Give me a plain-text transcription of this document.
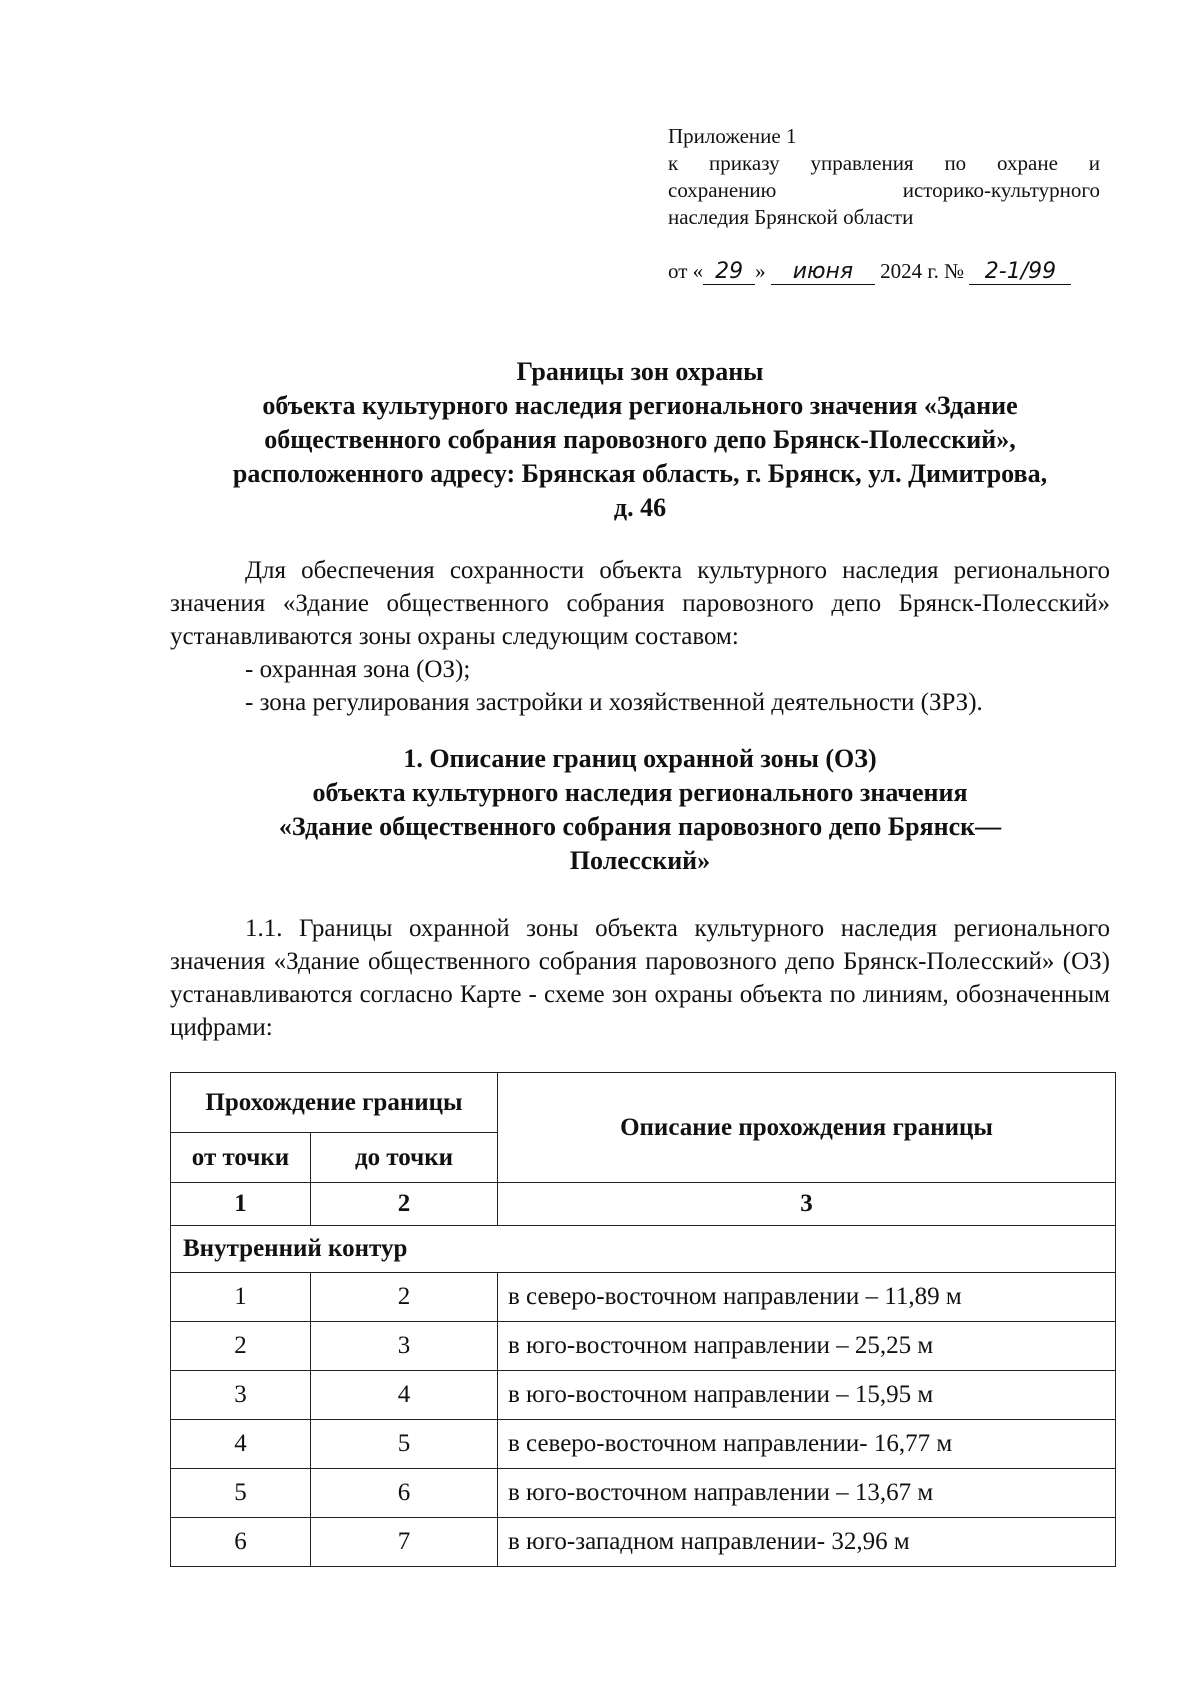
Приложение 1
к приказу управления по охране и
сохранению историко-культурного
наследия Брянской области
от « 29 » июня 2024 г. № 2-1/99
Границы зон охраны
объекта культурного наследия регионального значения «Здание
общественного собрания паровозного депо Брянск-Полесский»,
расположенного адресу: Брянская область, г. Брянск, ул. Димитрова,
д. 46
Для обеспечения сохранности объекта культурного наследия регионального значения «Здание общественного собрания паровозного депо Брянск-Полесский» устанавливаются зоны охраны следующим составом:
- охранная зона (ОЗ);
- зона регулирования застройки и хозяйственной деятельности (ЗРЗ).
1. Описание границ охранной зоны (ОЗ)
объекта культурного наследия регионального значения
«Здание общественного собрания паровозного депо Брянск—
Полесский»
1.1. Границы охранной зоны объекта культурного наследия регионального значения «Здание общественного собрания паровозного депо Брянск-Полесский» (ОЗ) устанавливаются согласно Карте - схеме зон охраны объекта по линиям, обозначенным цифрами:
Прохождение границы		Описание прохождения границы
от точки	до точки	
1	2	3
Внутренний контур		
1	2	в северо-восточном направлении – 11,89 м
2	3	в юго-восточном направлении – 25,25 м
3	4	в юго-восточном направлении – 15,95 м
4	5	в северо-восточном направлении- 16,77 м
5	6	в юго-восточном направлении – 13,67 м
6	7	в юго-западном направлении- 32,96 м
